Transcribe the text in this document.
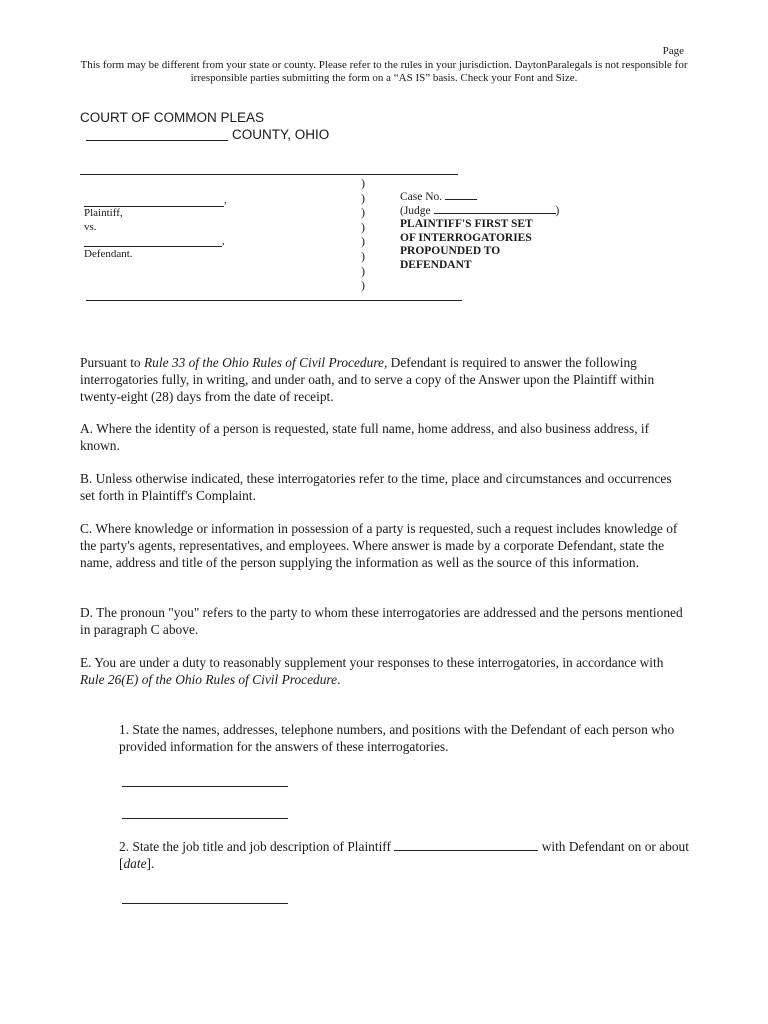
Page
This form may be different from your state or county. Please refer to the rules in your jurisdiction. DaytonParalegals is not responsible for irresponsible parties submitting the form on a “AS IS” basis. Check your Font and Size.
COURT OF COMMON PLEAS
COUNTY, OHIO
,
Plaintiff,
vs.
,
Defendant.
)
)
)
)
)
)
)
)
Case No.
(Judge	)
PLAINTIFF'S FIRST SET
OF INTERROGATORIES
PROPOUNDED TO
DEFENDANT
Pursuant to Rule 33 of the Ohio Rules of Civil Procedure, Defendant is required to answer the following interrogatories fully, in writing, and under oath, and to serve a copy of the Answer upon the Plaintiff within twenty-eight (28) days from the date of receipt.
A. Where the identity of a person is requested, state full name, home address, and also business address, if known.
B. Unless otherwise indicated, these interrogatories refer to the time, place and circumstances and occurrences set forth in Plaintiff's Complaint.
C. Where knowledge or information in possession of a party is requested, such a request includes knowledge of the party's agents, representatives, and employees. Where answer is made by a corporate Defendant, state the name, address and title of the person supplying the information as well as the source of this information.
D. The pronoun "you" refers to the party to whom these interrogatories are addressed and the persons mentioned in paragraph C above.
E. You are under a duty to reasonably supplement your responses to these interrogatories, in accordance with Rule 26(E) of the Ohio Rules of Civil Procedure.
1. State the names, addresses, telephone numbers, and positions with the Defendant of each person who provided information for the answers of these interrogatories.
2. State the job title and job description of Plaintiff	with Defendant on or about [date].
